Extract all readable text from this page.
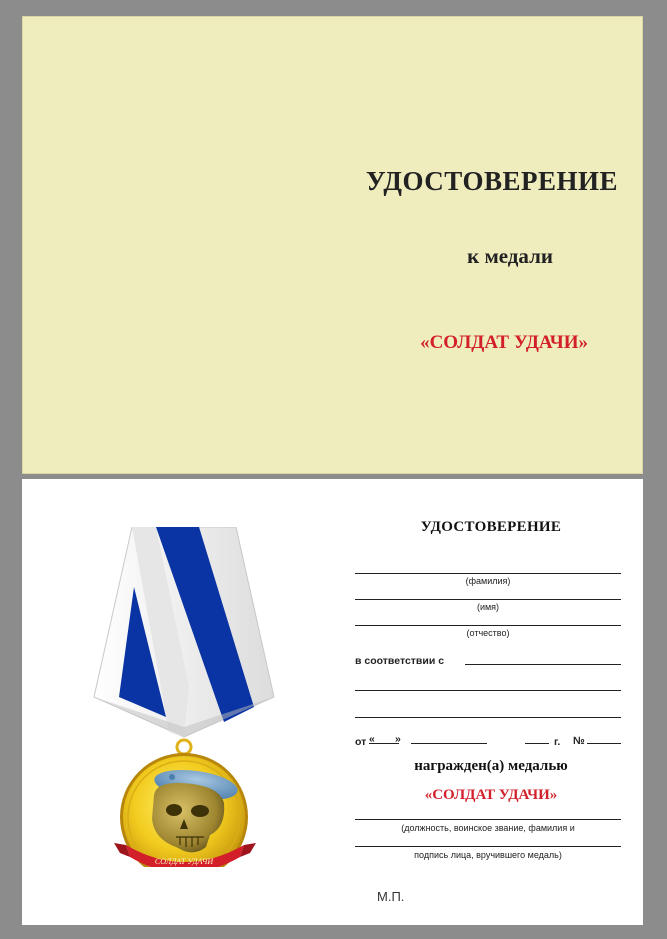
УДОСТОВЕРЕНИЕ
к медали
«СОЛДАТ УДАЧИ»
СОЛДАТ УДАЧИ
УДОСТОВЕРЕНИЕ
(фамилия)
(имя)
(отчество)
в соответствии с
от « »	г. №
награжден(а) медалью
«СОЛДАТ УДАЧИ»
(должность, воинское звание, фамилия и
подпись лица, вручившего медаль)
М.П.
